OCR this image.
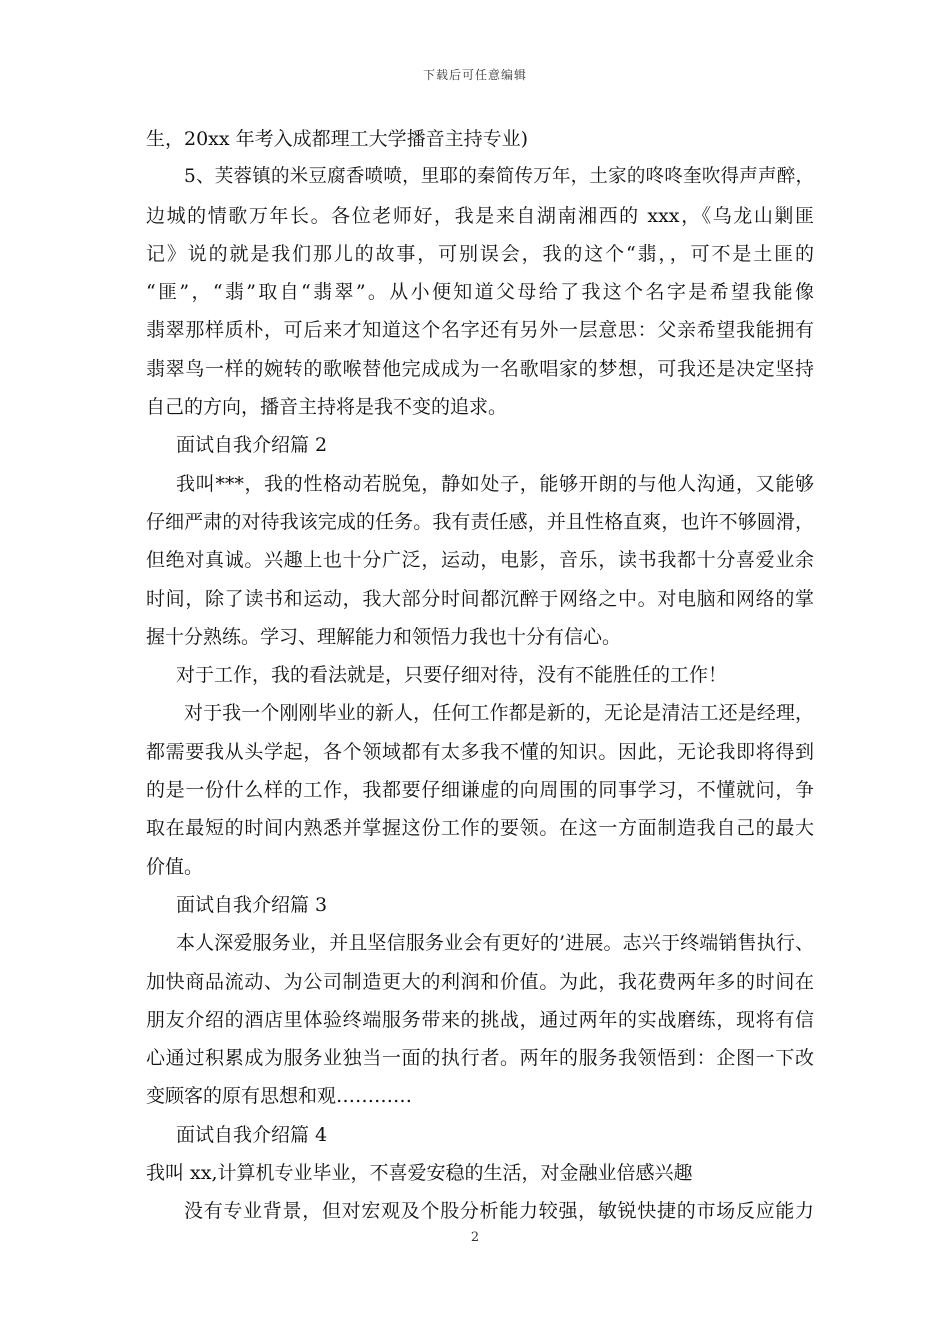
下载后可任意编辑
生，20xx 年考入成都理工大学播音主持专业)
5、芙蓉镇的米豆腐香喷喷，里耶的秦简传万年，土家的咚咚奎吹得声声醉，
边城的情歌万年长。各位老师好，我是来自湖南湘西的 xxx，《乌龙山剿匪
记》说的就是我们那儿的故事，可别误会，我的这个“翡，，可不是土匪的
“匪”，“翡”取自“翡翠”。从小便知道父母给了我这个名字是希望我能像
翡翠那样质朴，可后来才知道这个名字还有另外一层意思：父亲希望我能拥有
翡翠鸟一样的婉转的歌喉替他完成成为一名歌唱家的梦想，可我还是决定坚持
自己的方向，播音主持将是我不变的追求。
面试自我介绍篇 2
我叫***，我的性格动若脱兔，静如处子，能够开朗的与他人沟通，又能够
仔细严肃的对待我该完成的任务。我有责任感，并且性格直爽，也许不够圆滑，
但绝对真诚。兴趣上也十分广泛，运动，电影，音乐，读书我都十分喜爱业余
时间，除了读书和运动，我大部分时间都沉醉于网络之中。对电脑和网络的掌
握十分熟练。学习、理解能力和领悟力我也十分有信心。
对于工作，我的看法就是，只要仔细对待，没有不能胜任的工作！
对于我一个刚刚毕业的新人，任何工作都是新的，无论是清洁工还是经理，
都需要我从头学起，各个领域都有太多我不懂的知识。因此，无论我即将得到
的是一份什么样的工作，我都要仔细谦虚的向周围的同事学习，不懂就问，争
取在最短的时间内熟悉并掌握这份工作的要领。在这一方面制造我自己的最大
价值。
面试自我介绍篇 3
本人深爱服务业，并且坚信服务业会有更好的’进展。志兴于终端销售执行、
加快商品流动、为公司制造更大的利润和价值。为此，我花费两年多的时间在
朋友介绍的酒店里体验终端服务带来的挑战，通过两年的实战磨练，现将有信
心通过积累成为服务业独当一面的执行者。两年的服务我领悟到：企图一下改
变顾客的原有思想和观…………
面试自我介绍篇 4
我叫 xx,计算机专业毕业，不喜爱安稳的生活，对金融业倍感兴趣
没有专业背景，但对宏观及个股分析能力较强，敏锐快捷的市场反应能力
2
